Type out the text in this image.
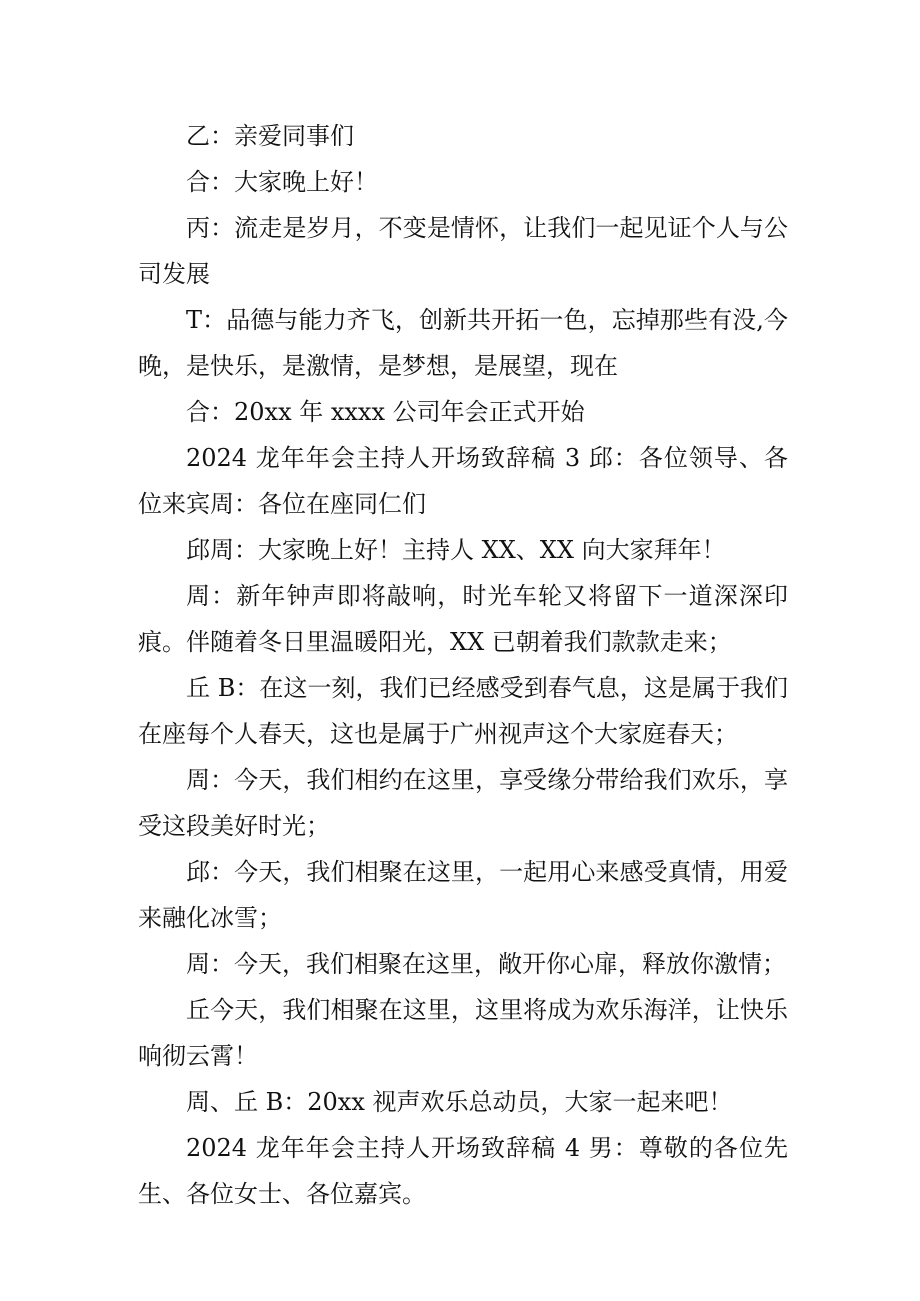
乙：亲爱同事们

合：大家晚上好！

丙：流走是岁月，不变是情怀，让我们一起见证个人与公司发展

T：品德与能力齐飞，创新共开拓一色，忘掉那些有没,今晚，是快乐，是激情，是梦想，是展望，现在

合：20xx 年 xxxx 公司年会正式开始

2024 龙年年会主持人开场致辞稿 3 邱：各位领导、各位来宾周：各位在座同仁们

邱周：大家晚上好！主持人 XX、XX 向大家拜年！

周：新年钟声即将敲响，时光车轮又将留下一道深深印痕。伴随着冬日里温暖阳光，XX 已朝着我们款款走来；

丘 B：在这一刻，我们已经感受到春气息，这是属于我们在座每个人春天，这也是属于广州视声这个大家庭春天；

周：今天，我们相约在这里，享受缘分带给我们欢乐，享受这段美好时光；

邱：今天，我们相聚在这里，一起用心来感受真情，用爱来融化冰雪；

周：今天，我们相聚在这里，敞开你心扉，释放你激情；

丘今天，我们相聚在这里，这里将成为欢乐海洋，让快乐响彻云霄！

周、丘 B：20xx 视声欢乐总动员，大家一起来吧！

2024 龙年年会主持人开场致辞稿 4 男：尊敬的各位先生、各位女士、各位嘉宾。
